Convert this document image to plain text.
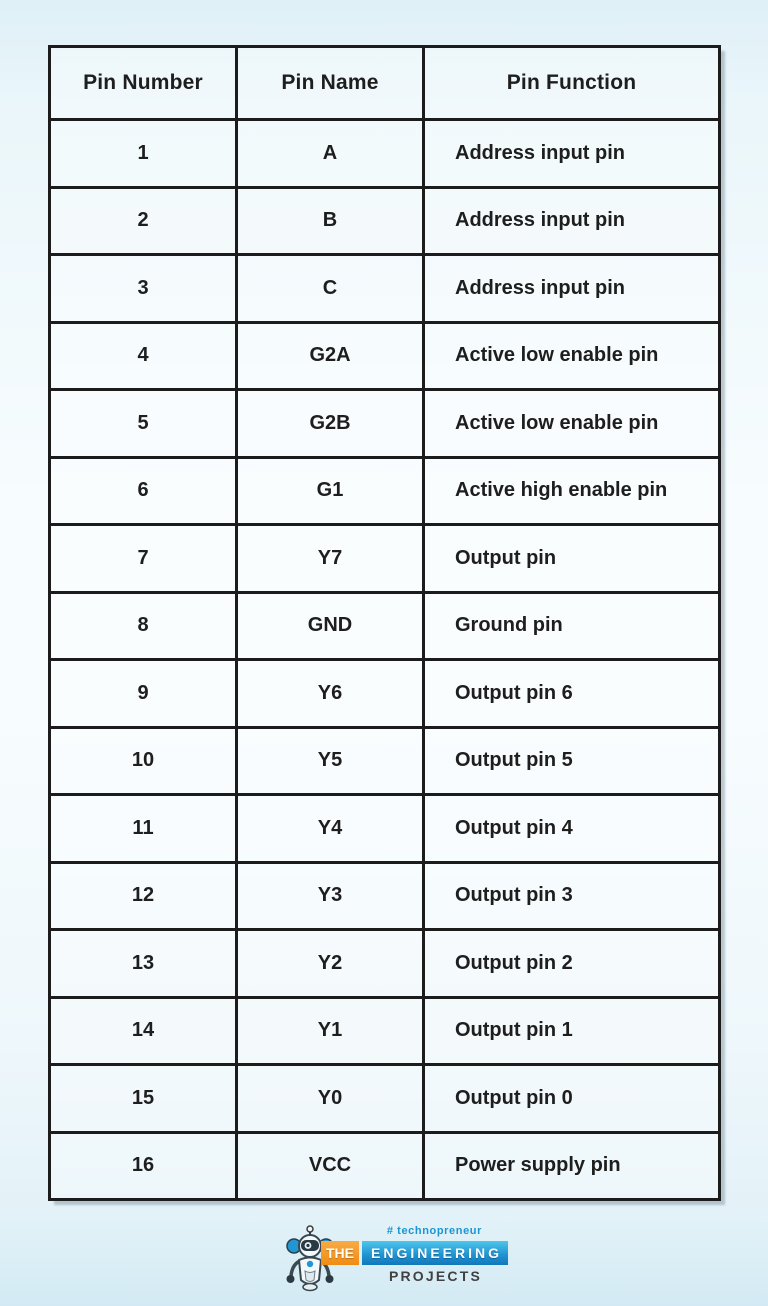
Pin Number	Pin Name	Pin Function
1	A	Address input pin
2	B	Address input pin
3	C	Address input pin
4	G2A	Active low enable pin
5	G2B	Active low enable pin
6	G1	Active high enable pin
7	Y7	Output pin
8	GND	Ground pin
9	Y6	Output pin 6
10	Y5	Output pin 5
11	Y4	Output pin 4
12	Y3	Output pin 3
13	Y2	Output pin 2
14	Y1	Output pin 1
15	Y0	Output pin 0
16	VCC	Power supply pin
# technopreneur
THE	ENGINEERING
PROJECTS
